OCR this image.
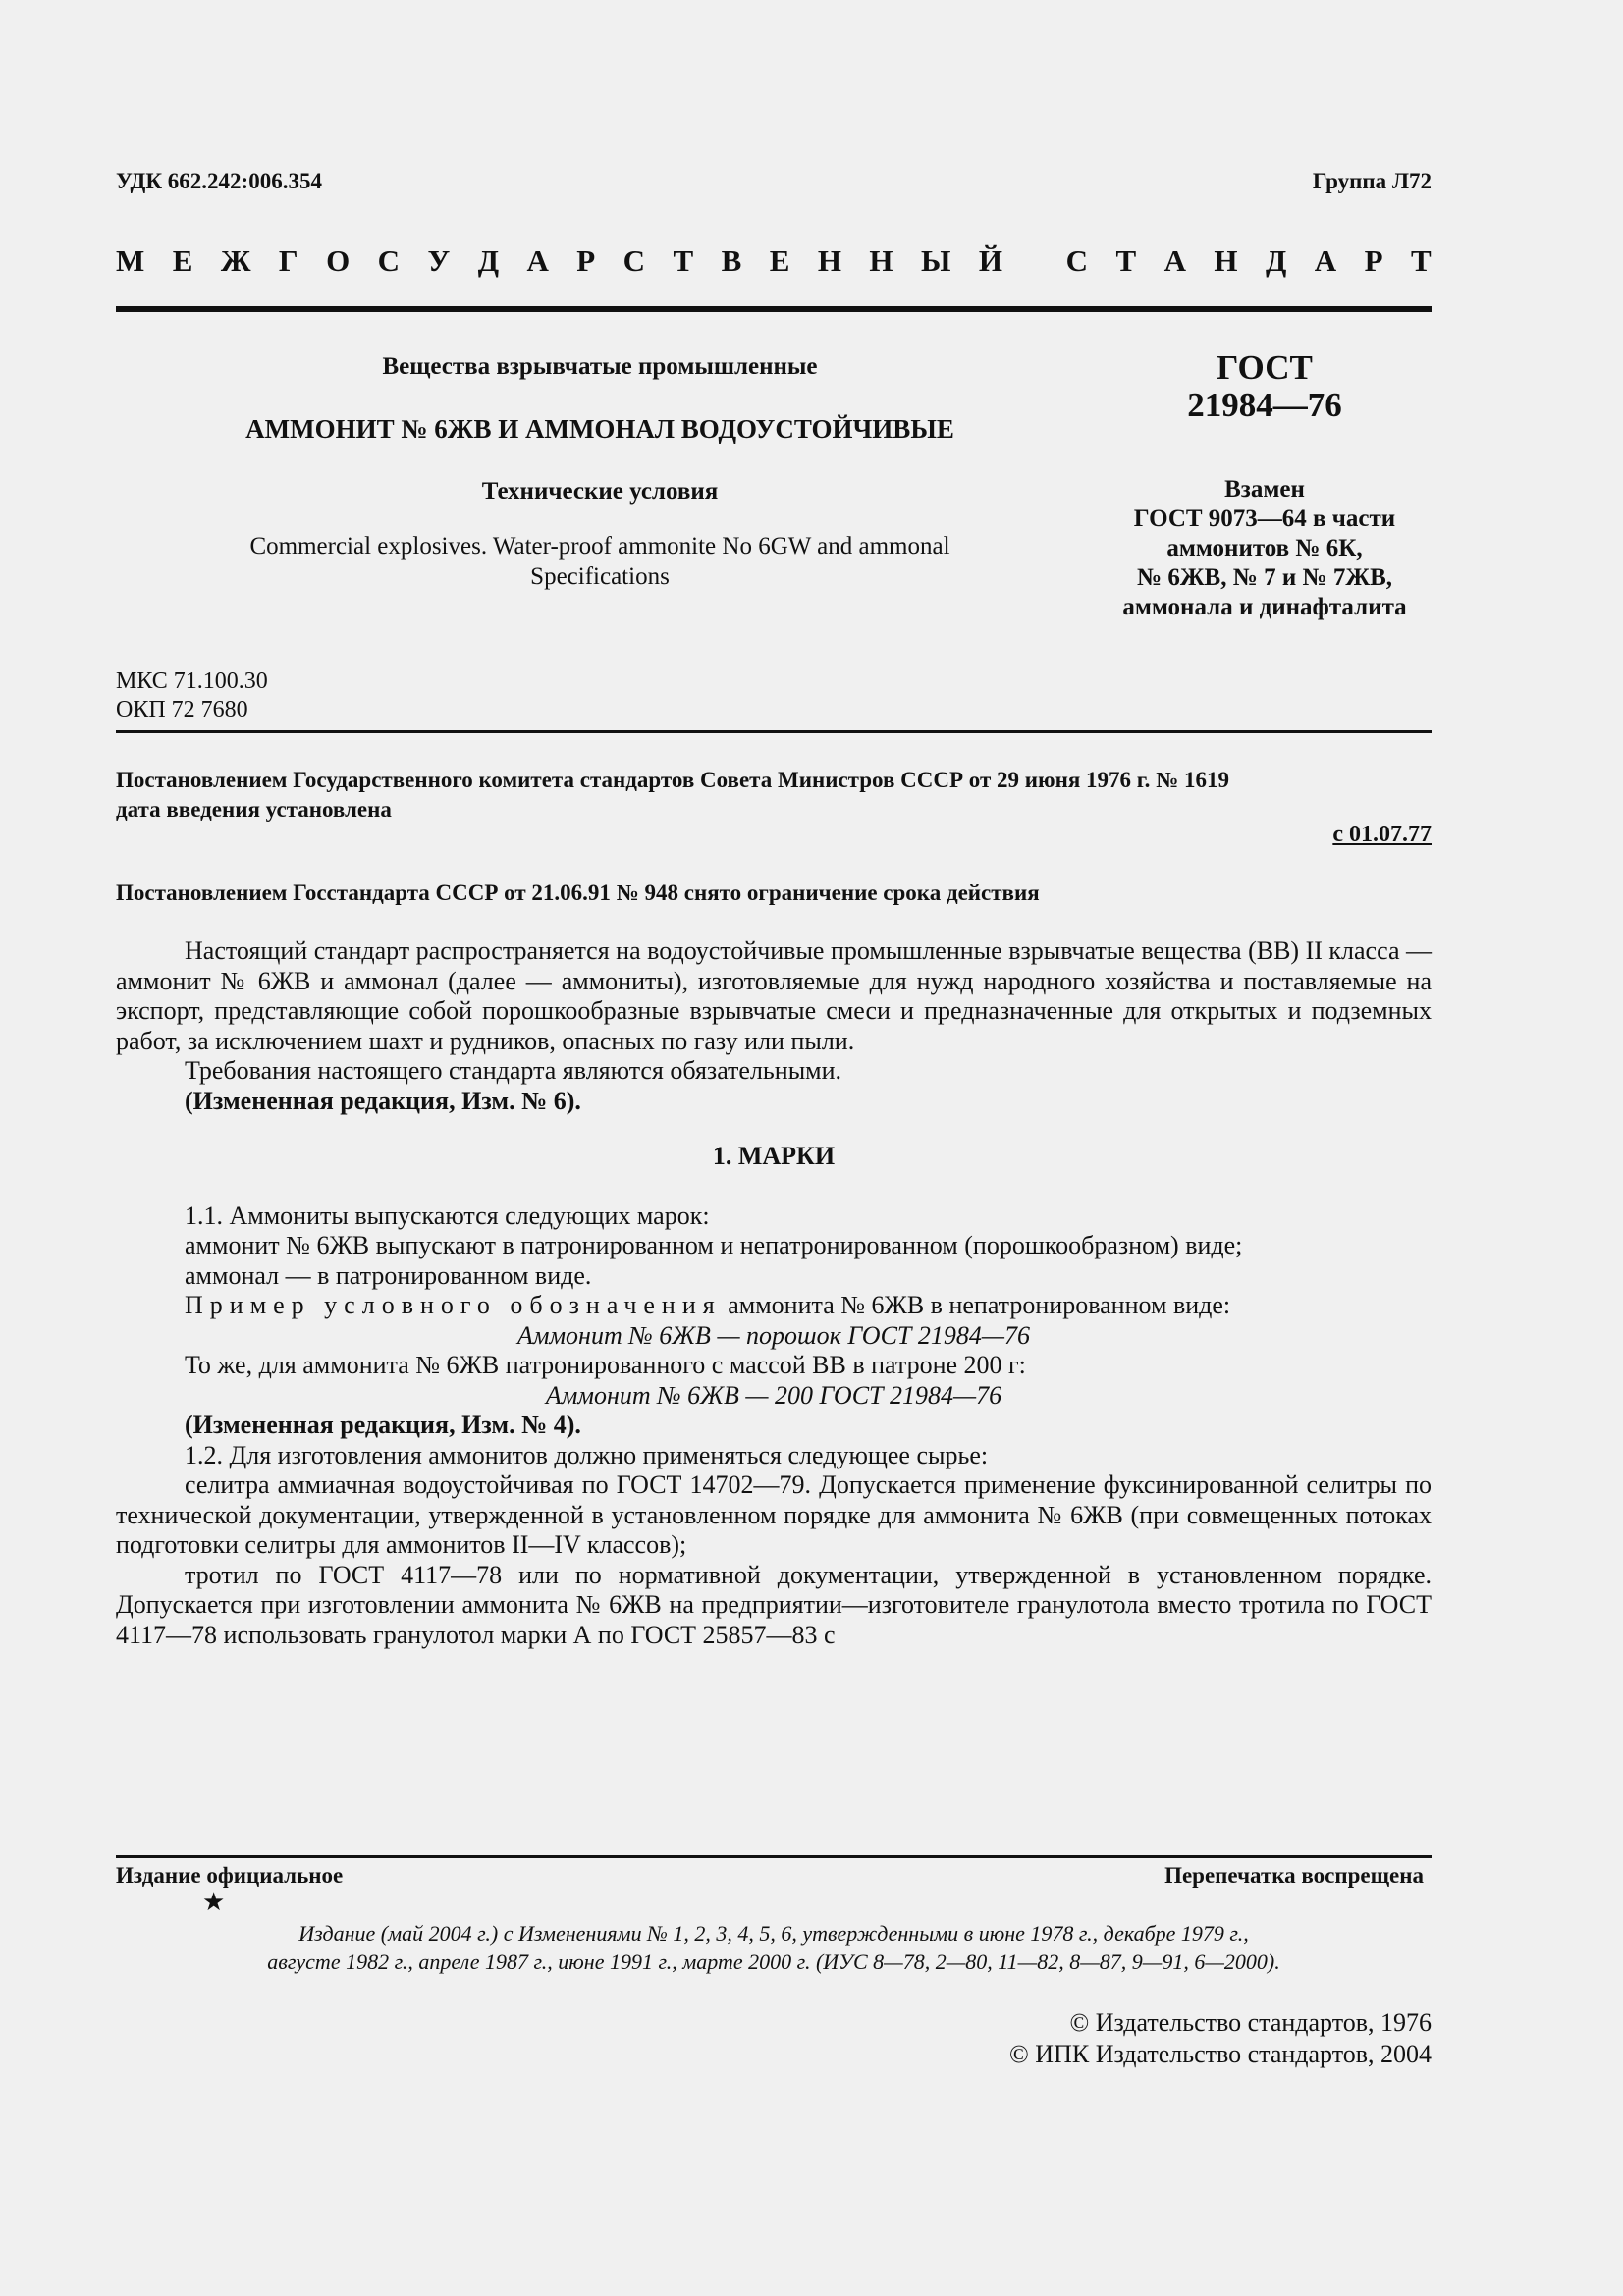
УДК 662.242:006.354	Группа Л72
М Е Ж Г О С У Д А Р С Т В Е Н Н Ы Й
С Т А Н Д А Р Т
Вещества взрывчатые промышленные
АММОНИТ № 6ЖВ И АММОНАЛ ВОДОУСТОЙЧИВЫЕ
Технические условия
Commercial explosives. Water-proof ammonite No 6GW and ammonal
Specifications
ГОСТ
21984—76
Взамен
ГОСТ 9073—64 в части
аммонитов № 6К,
№ 6ЖВ, № 7 и № 7ЖВ,
аммонала и динафталита
МКС 71.100.30
ОКП 72 7680
Постановлением Государственного комитета стандартов Совета Министров СССР от 29 июня 1976 г. № 1619
дата введения установлена
с 01.07.77
Постановлением Госстандарта СССР от 21.06.91 № 948 снято ограничение срока действия

Настоящий стандарт распространяется на водоустойчивые промышленные взрывчатые вещества (ВВ) II класса — аммонит № 6ЖВ и аммонал (далее — аммониты), изготовляемые для нужд народного хозяйства и поставляемые на экспорт, представляющие собой порошкообразные взрывчатые смеси и предназначенные для открытых и подземных работ, за исключением шахт и рудников, опасных по газу или пыли.

Требования настоящего стандарта являются обязательными.

(Измененная редакция, Изм. № 6).

1. МАРКИ

1.1. Аммониты выпускаются следующих марок:

аммонит № 6ЖВ выпускают в патронированном и непатронированном (порошкообразном) виде;

аммонал — в патронированном виде.

Пример условного обозначения аммонита № 6ЖВ в непатронированном виде:

Аммонит № 6ЖВ — порошок ГОСТ 21984—76

То же, для аммонита № 6ЖВ патронированного с массой ВВ в патроне 200 г:

Аммонит № 6ЖВ — 200 ГОСТ 21984—76

(Измененная редакция, Изм. № 4).

1.2. Для изготовления аммонитов должно применяться следующее сырье:

селитра аммиачная водоустойчивая по ГОСТ 14702—79. Допускается применение фуксинированной селитры по технической документации, утвержденной в установленном порядке для аммонита № 6ЖВ (при совмещенных потоках подготовки селитры для аммонитов II—IV классов);

тротил по ГОСТ 4117—78 или по нормативной документации, утвержденной в установленном порядке. Допускается при изготовлении аммонита № 6ЖВ на предприятии—изготовителе гранулотола вместо тротила по ГОСТ 4117—78 использовать гранулотол марки А по ГОСТ 25857—83 с

Издание официальное	Перепечатка воспрещена
★
Издание (май 2004 г.) с Изменениями № 1, 2, 3, 4, 5, 6, утвержденными в июне 1978 г., декабре 1979 г.,
августе 1982 г., апреле 1987 г., июне 1991 г., марте 2000 г. (ИУС 8—78, 2—80, 11—82, 8—87, 9—91, 6—2000).
© Издательство стандартов, 1976
© ИПК Издательство стандартов, 2004
